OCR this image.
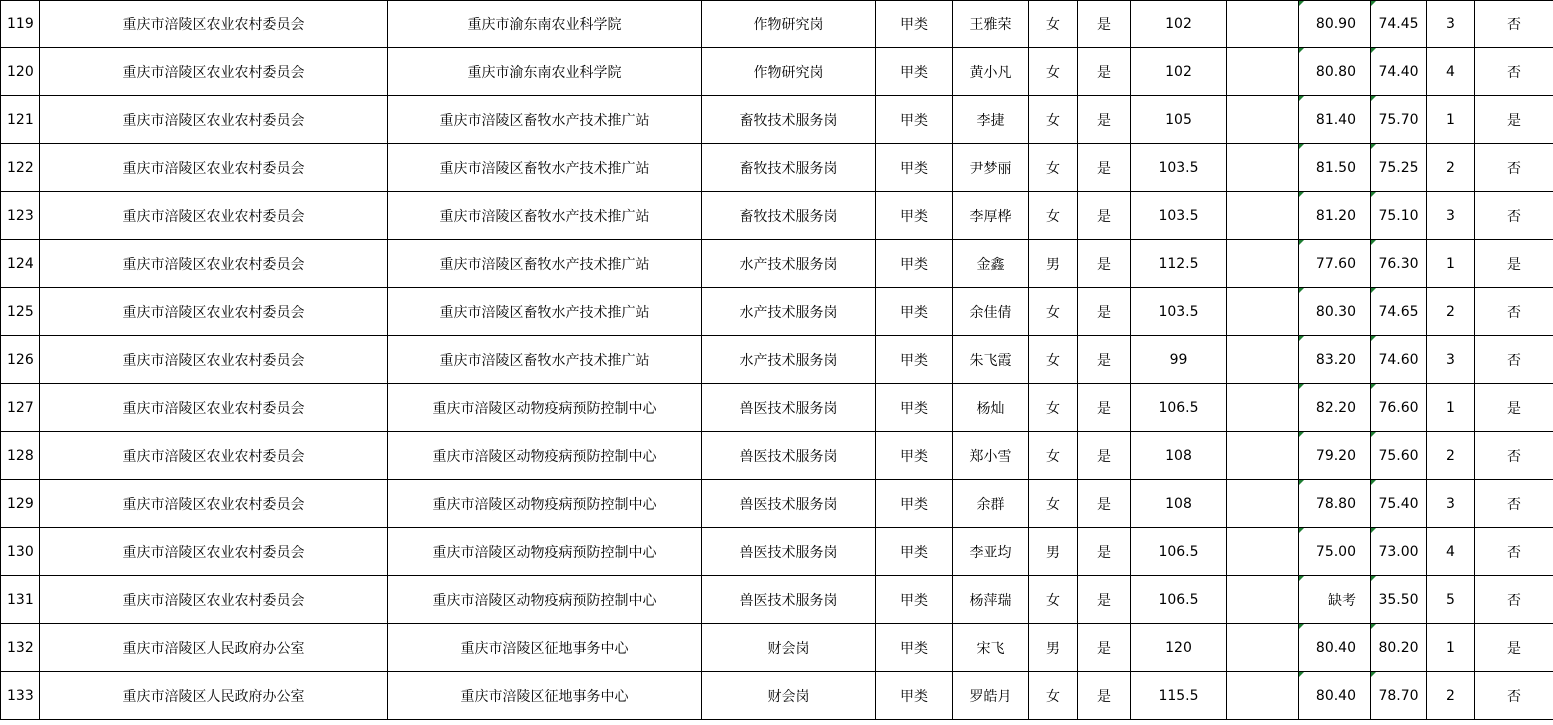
119	重庆市涪陵区农业农村委员会	重庆市渝东南农业科学院	作物研究岗	甲类	王雅荣	女	是	102		80.90	74.45	3	否
120	重庆市涪陵区农业农村委员会	重庆市渝东南农业科学院	作物研究岗	甲类	黄小凡	女	是	102		80.80	74.40	4	否
121	重庆市涪陵区农业农村委员会	重庆市涪陵区畜牧水产技术推广站	畜牧技术服务岗	甲类	李捷	女	是	105		81.40	75.70	1	是
122	重庆市涪陵区农业农村委员会	重庆市涪陵区畜牧水产技术推广站	畜牧技术服务岗	甲类	尹梦丽	女	是	103.5		81.50	75.25	2	否
123	重庆市涪陵区农业农村委员会	重庆市涪陵区畜牧水产技术推广站	畜牧技术服务岗	甲类	李厚桦	女	是	103.5		81.20	75.10	3	否
124	重庆市涪陵区农业农村委员会	重庆市涪陵区畜牧水产技术推广站	水产技术服务岗	甲类	金鑫	男	是	112.5		77.60	76.30	1	是
125	重庆市涪陵区农业农村委员会	重庆市涪陵区畜牧水产技术推广站	水产技术服务岗	甲类	余佳倩	女	是	103.5		80.30	74.65	2	否
126	重庆市涪陵区农业农村委员会	重庆市涪陵区畜牧水产技术推广站	水产技术服务岗	甲类	朱飞霞	女	是	99		83.20	74.60	3	否
127	重庆市涪陵区农业农村委员会	重庆市涪陵区动物疫病预防控制中心	兽医技术服务岗	甲类	杨灿	女	是	106.5		82.20	76.60	1	是
128	重庆市涪陵区农业农村委员会	重庆市涪陵区动物疫病预防控制中心	兽医技术服务岗	甲类	郑小雪	女	是	108		79.20	75.60	2	否
129	重庆市涪陵区农业农村委员会	重庆市涪陵区动物疫病预防控制中心	兽医技术服务岗	甲类	余群	女	是	108		78.80	75.40	3	否
130	重庆市涪陵区农业农村委员会	重庆市涪陵区动物疫病预防控制中心	兽医技术服务岗	甲类	李亚均	男	是	106.5		75.00	73.00	4	否
131	重庆市涪陵区农业农村委员会	重庆市涪陵区动物疫病预防控制中心	兽医技术服务岗	甲类	杨萍瑞	女	是	106.5		缺考	35.50	5	否
132	重庆市涪陵区人民政府办公室	重庆市涪陵区征地事务中心	财会岗	甲类	宋飞	男	是	120		80.40	80.20	1	是
133	重庆市涪陵区人民政府办公室	重庆市涪陵区征地事务中心	财会岗	甲类	罗皓月	女	是	115.5		80.40	78.70	2	否
